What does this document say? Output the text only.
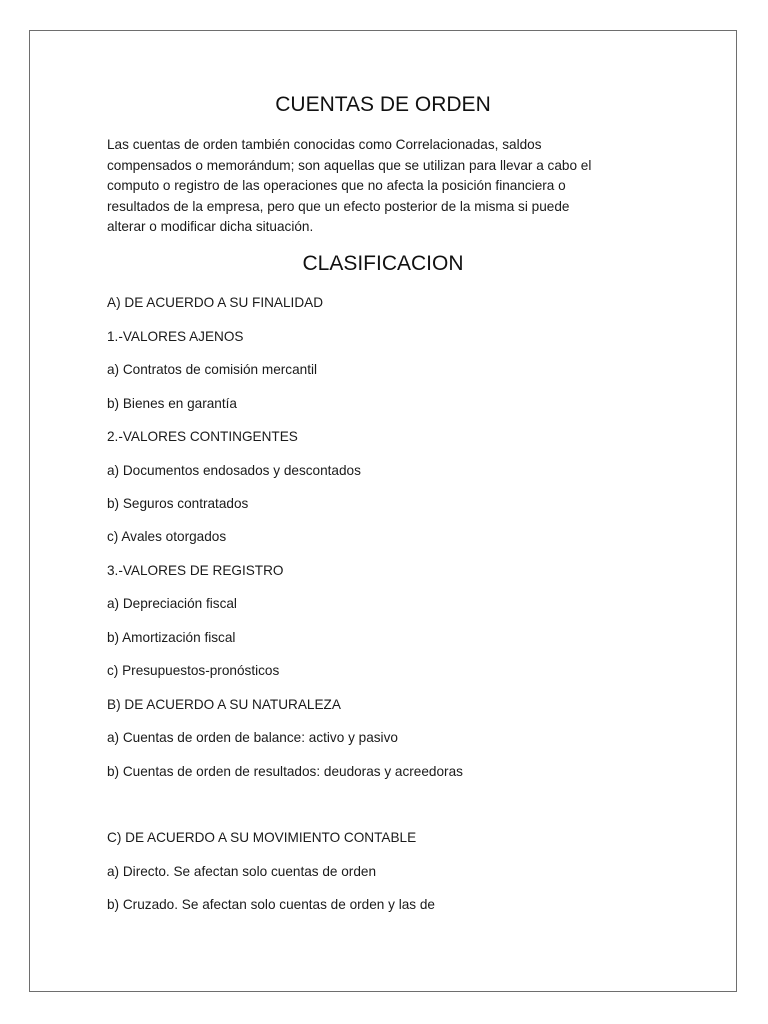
CUENTAS DE ORDEN

Las cuentas de orden también conocidas como Correlacionadas, saldos
compensados o memorándum; son aquellas que se utilizan para llevar a cabo el
computo o registro de las operaciones que no afecta la posición financiera o
resultados de la empresa, pero que un efecto posterior de la misma si puede
alterar o modificar dicha situación.

CLASIFICACION
A) DE ACUERDO A SU FINALIDAD
1.-VALORES AJENOS
a) Contratos de comisión mercantil
b) Bienes en garantía
2.-VALORES CONTINGENTES
a) Documentos endosados y descontados
b) Seguros contratados
c) Avales otorgados
3.-VALORES DE REGISTRO
a) Depreciación fiscal
b) Amortización fiscal
c) Presupuestos-pronósticos
B) DE ACUERDO A SU NATURALEZA
a) Cuentas de orden de balance: activo y pasivo
b) Cuentas de orden de resultados: deudoras y acreedoras
C) DE ACUERDO A SU MOVIMIENTO CONTABLE
a) Directo. Se afectan solo cuentas de orden
b) Cruzado. Se afectan solo cuentas de orden y las de
